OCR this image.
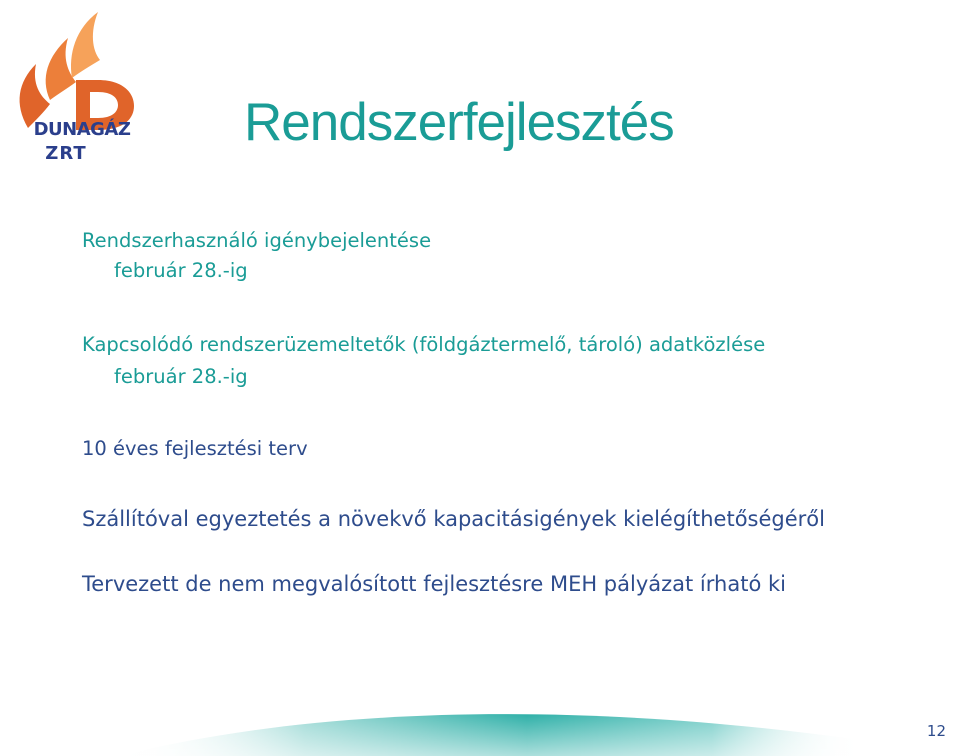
DUNAGÁZ
ZRT
Rendszerfejlesztés
Rendszerhasználó igénybejelentése
február 28.-ig
Kapcsolódó rendszerüzemeltetők (földgáztermelő, tároló) adatközlése
február 28.-ig
10 éves fejlesztési terv
Szállítóval egyeztetés a növekvő kapacitásigények kielégíthetőségéről
Tervezett de nem megvalósított fejlesztésre MEH pályázat írható ki
12
